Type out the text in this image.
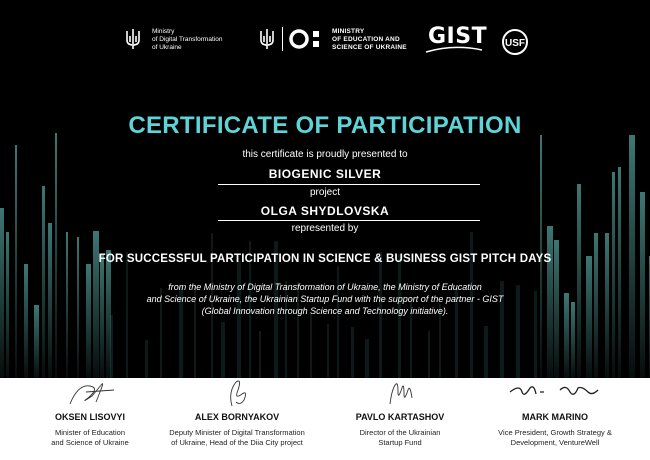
Ministry
of Digital Transformation
of Ukraine
MINISTRY
OF EDUCATION AND
SCIENCE OF UKRAINE GIST	USF
CERTIFICATE OF PARTICIPATION
this certificate is proudly presented to
BIOGENIC SILVER
project
OLGA SHYDLOVSKA
represented by
FOR SUCCESSFUL PARTICIPATION IN SCIENCE & BUSINESS GIST PITCH DAYS
from the Ministry of Digital Transformation of Ukraine, the Ministry of Education
and Science of Ukraine, the Ukrainian Startup Fund with the support of the partner - GIST
(Global Innovation through Science and Technology initiative).
OKSEN LISOVYI
Minister of Education
and Science of Ukraine
ALEX BORNYAKOV
Deputy Minister of Digital Transformation
of Ukraine, Head of the Diia City project
PAVLO KARTASHOV
Director of the Ukrainian
Startup Fund
MARK MARINO
Vice President, Growth Strategy &
Development, VentureWell
